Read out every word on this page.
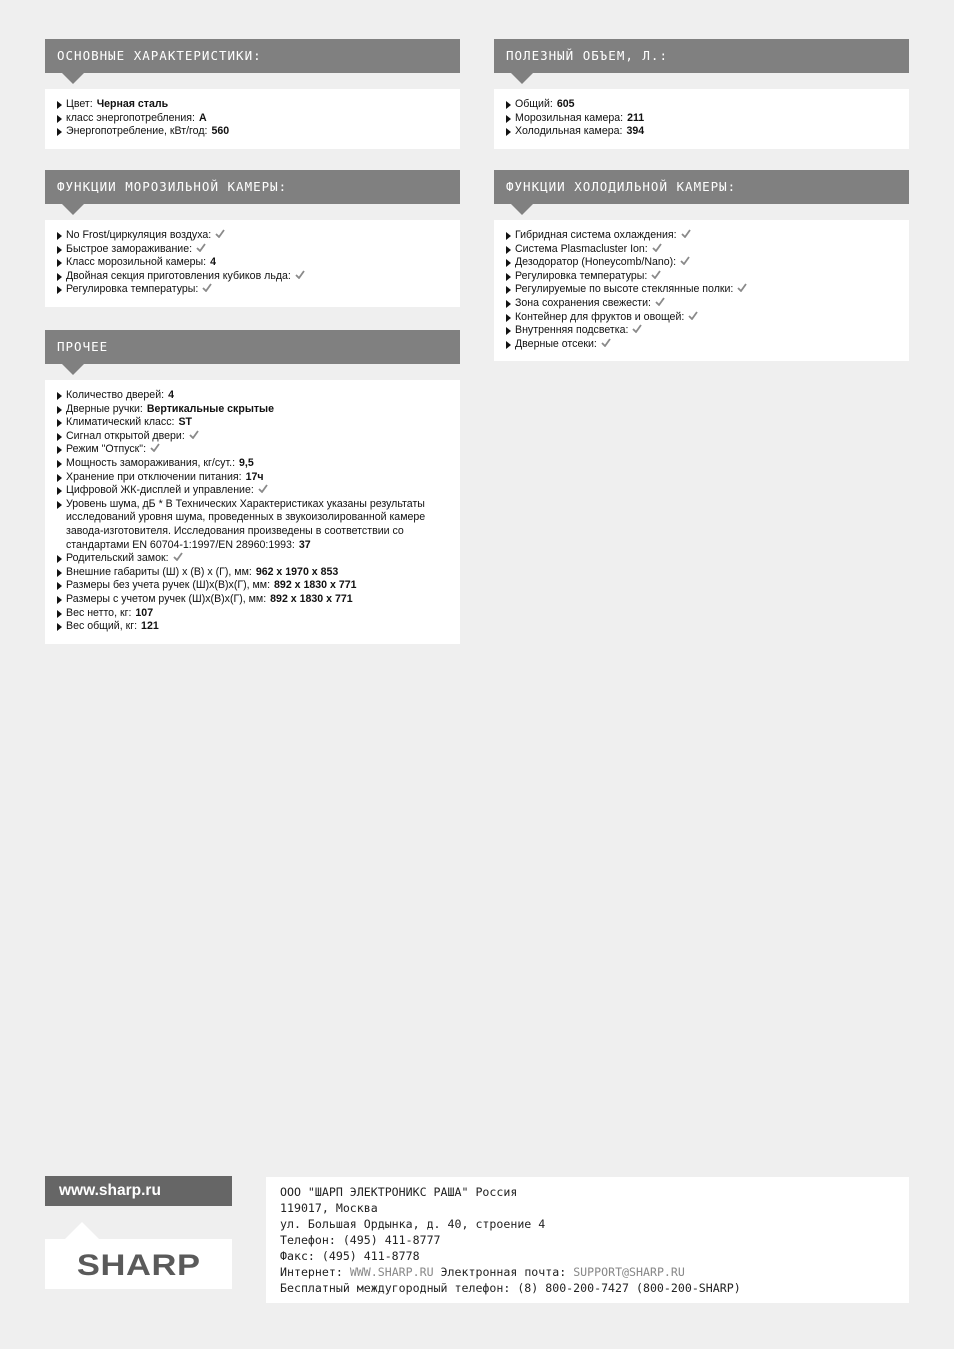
ОСНОВНЫЕ ХАРАКТЕРИСТИКИ:
Цвет: Черная сталь
класс энергопотребления: A
Энергопотребление, кВт/год: 560
ПОЛЕЗНЫЙ ОБЪЕМ, Л.:
Общий: 605
Морозильная камера: 211
Холодильная камера: 394
ФУНКЦИИ МОРОЗИЛЬНОЙ КАМЕРЫ:
No Frost/циркуляция воздуха:
Быстрое замораживание:
Класс морозильной камеры: 4
Двойная секция приготовления кубиков льда:
Регулировка температуры:
ФУНКЦИИ ХОЛОДИЛЬНОЙ КАМЕРЫ:
Гибридная система охлаждения:
Система Plasmacluster Ion:
Дезодоратор (Honeycomb/Nano):
Регулировка температуры:
Регулируемые по высоте стеклянные полки:
Зона сохранения свежести:
Контейнер для фруктов и овощей:
Внутренняя подсветка:
Дверные отсеки:
ПРОЧЕЕ
Количество дверей: 4
Дверные ручки: Вертикальные скрытые
Климатический класс: ST
Сигнал открытой двери:
Режим "Отпуск":
Мощность замораживания, кг/сут.: 9,5
Хранение при отключении питания: 17ч
Цифровой ЖК-дисплей и управление:
Уровень шума, дБ * В Технических Характеристиках указаны результаты исследований уровня шума, проведенных в звукоизолированной камере завода-изготовителя. Исследования произведены в соответствии со стандартами EN 60704-1:1997/EN 28960:1993: 37
Родительский замок:
Внешние габариты (Ш) х (В) х (Г), мм: 962 x 1970 x 853
Размеры без учета ручек (Ш)х(В)х(Г), мм: 892 x 1830 x 771
Размеры с учетом ручек (Ш)х(В)х(Г), мм: 892 x 1830 x 771
Вес нетто, кг: 107
Вес общий, кг: 121
www.sharp.ru
SHARP
ООО "ШАРП ЭЛЕКТРОНИКС РАША" Россия
119017, Москва
ул. Большая Ордынка, д. 40, строение 4
Телефон: (495) 411-8777
Факс: (495) 411-8778
Интернет: WWW.SHARP.RU Электронная почта: SUPPORT@SHARP.RU
Бесплатный междугородный телефон: (8) 800-200-7427 (800-200-SHARP)
